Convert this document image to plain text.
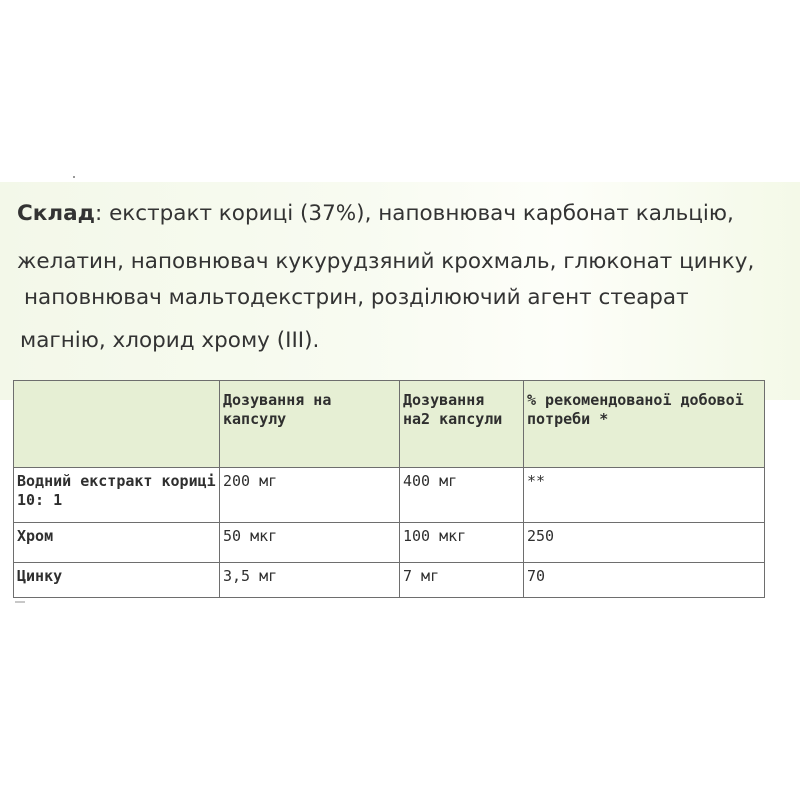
Склад: екстракт кориці (37%), наповнювач карбонат кальцію,
желатин, наповнювач кукурудзяний крохмаль, глюконат цинку,
наповнювач мальтодекстрин, розділюючий агент стеарат
магнію, хлорид хрому (III).
	Дозування на капсулу	Дозування на2 капсули	% рекомендованої добової потреби *
Водний екстракт кориці 10: 1	200 мг	400 мг	**
Хром	50 мкг	100 мкг	250
Цинку	3,5 мг	7 мг	70
